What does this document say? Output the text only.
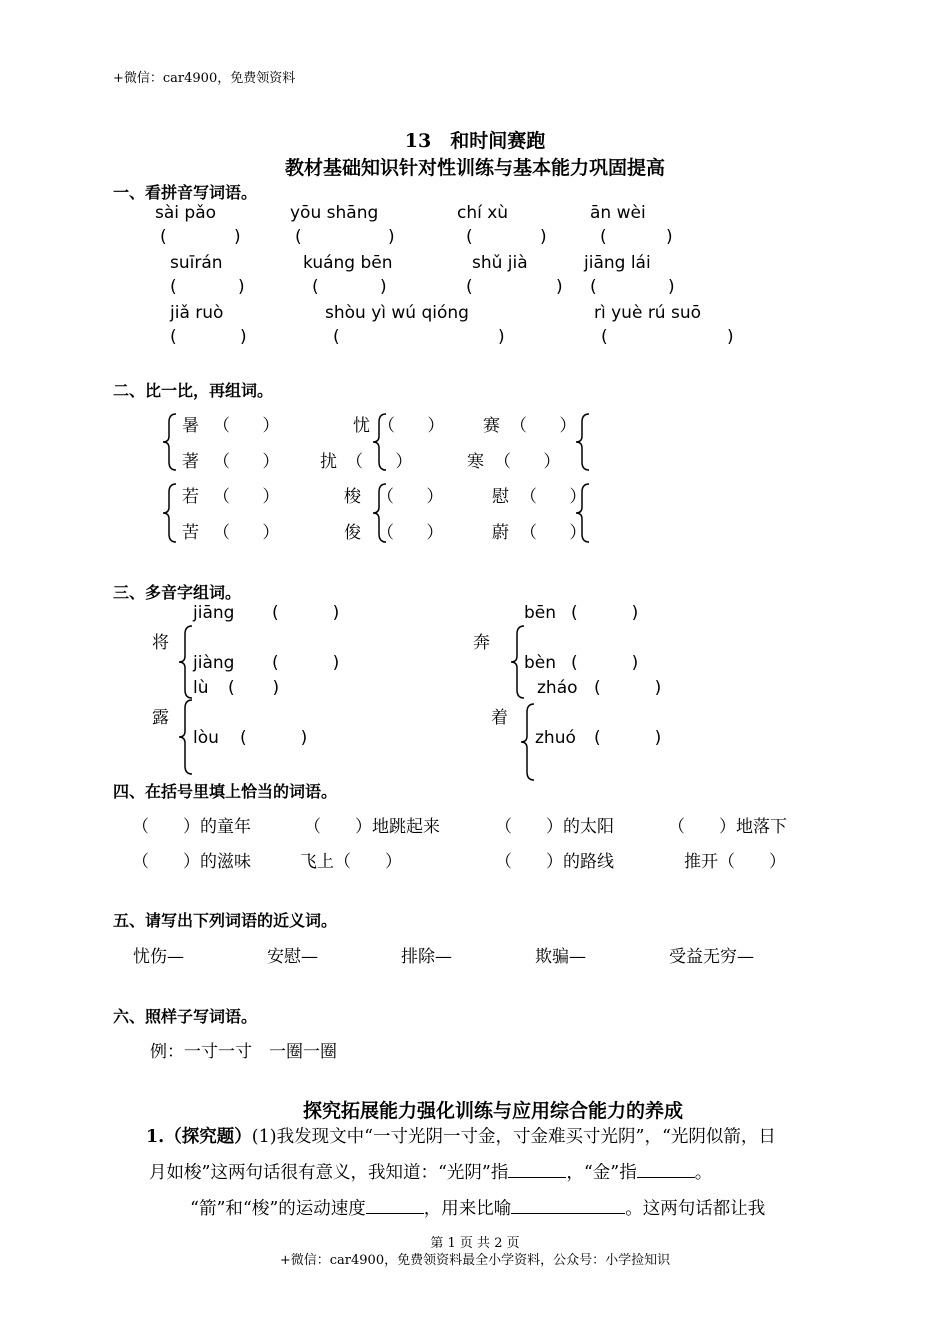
+微信：car4900，免费领资料
13　和时间赛跑
教材基础知识针对性训练与基本能力巩固提高
一、看拼音写词语。
sài pǎo	yōu shāng	chí xù	ān wèi
(	)	(	)	(	)	(	)
suīrán	kuáng bēn	shǔ jià	jiāng lái
(	)	(	)	(	) (	)
jiǎ ruò	shòu yì wú qióng	rì yuè rú suō
(	)	(	)	(	)
二、比一比，再组词。
暑 （      ）
著 （      ）
忧 （      ）
扰 （      ）
赛 （      ）
寒 （      ）
若 （      ）
苦 （      ）
梭 （      ）
俊 （      ）
慰 （      ）
蔚 （      ）
三、多音字组词。
将
jiāng (          )
jiàng (          )
奔
bēn (          )
bèn (          )
露
lù (       )
lòu (          )
着
zháo (          )
zhuó (          )
四、在括号里填上恰当的词语。
（　　）的童年	（　　）地跳起来	（　　）的太阳	（　　）地落下
（　　）的滋味	飞上（　　）	（　　）的路线	推开（　　）
五、请写出下列词语的近义词。
忧伤—	安慰—	排除—	欺骗—	受益无穷—
六、照样子写词语。
例：一寸一寸　一圈一圈
探究拓展能力强化训练与应用综合能力的养成
1.（探究题）(1)我发现文中“一寸光阴一寸金，寸金难买寸光阴”，“光阴似箭，日
月如梭”这两句话很有意义，我知道：“光阴”指	，“金”指	。
“箭”和“梭”的运动速度	，用来比喻	。这两句话都让我
第 1 页 共 2 页
+微信：car4900，免费领资料最全小学资料，公众号：小学捡知识
